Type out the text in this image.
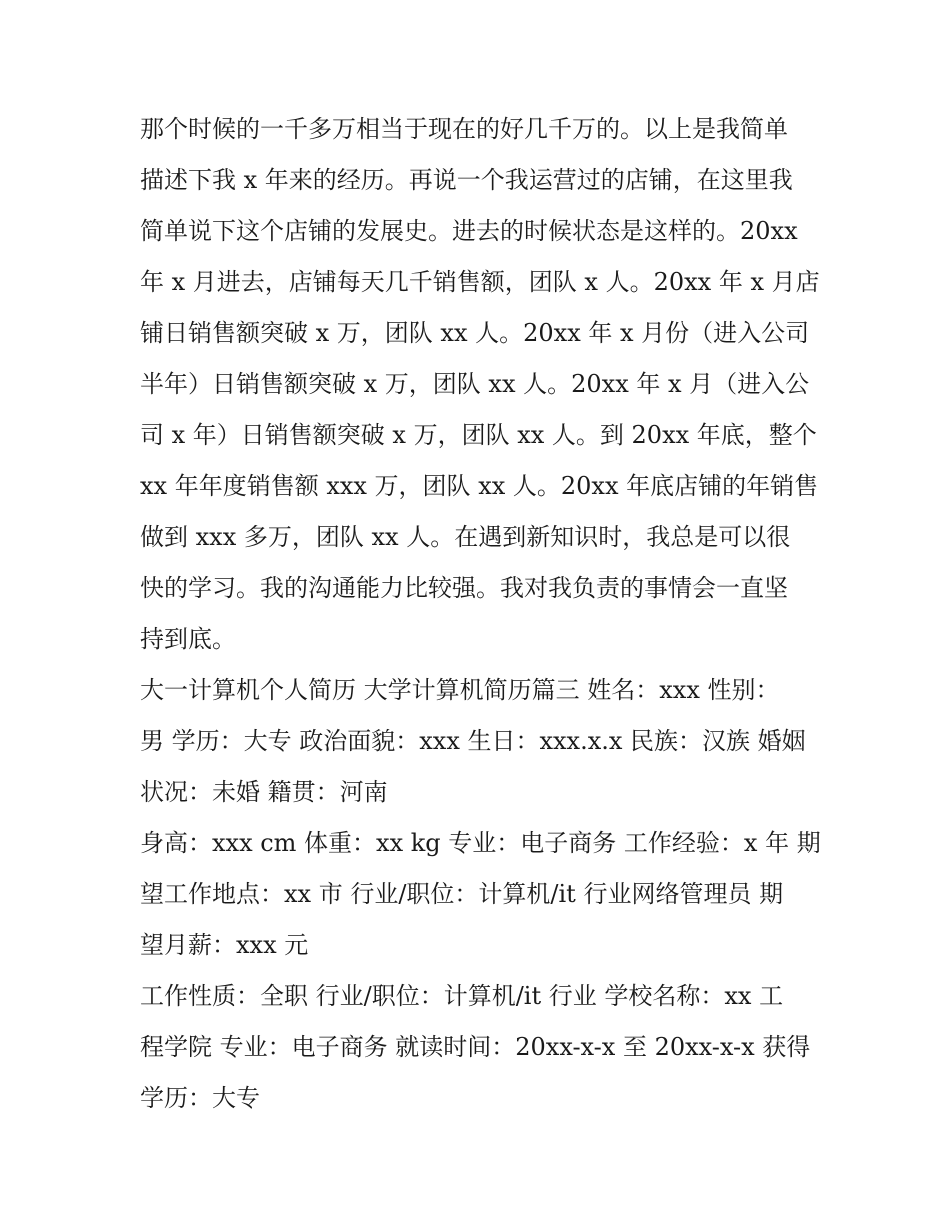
那个时候的一千多万相当于现在的好几千万的。以上是我简单
描述下我 x 年来的经历。再说一个我运营过的店铺，在这里我
简单说下这个店铺的发展史。进去的时候状态是这样的。20xx
年 x 月进去，店铺每天几千销售额，团队 x 人。20xx 年 x 月店
铺日销售额突破 x 万，团队 xx 人。20xx 年 x 月份（进入公司
半年）日销售额突破 x 万，团队 xx 人。20xx 年 x 月（进入公
司 x 年）日销售额突破 x 万，团队 xx 人。到 20xx 年底，整个
xx 年年度销售额 xxx 万，团队 xx 人。20xx 年底店铺的年销售
做到 xxx 多万，团队 xx 人。在遇到新知识时，我总是可以很
快的学习。我的沟通能力比较强。我对我负责的事情会一直坚
持到底。

大一计算机个人简历 大学计算机简历篇三 姓名：xxx 性别：
男 学历：大专 政治面貌：xxx 生日：xxx.x.x 民族：汉族 婚姻
状况：未婚 籍贯：河南

身高：xxx cm 体重：xx kg 专业：电子商务 工作经验：x 年 期
望工作地点：xx 市 行业/职位：计算机/it 行业网络管理员 期
望月薪：xxx 元

工作性质：全职 行业/职位：计算机/it 行业 学校名称：xx 工
程学院 专业：电子商务 就读时间：20xx-x-x 至 20xx-x-x 获得
学历：大专
